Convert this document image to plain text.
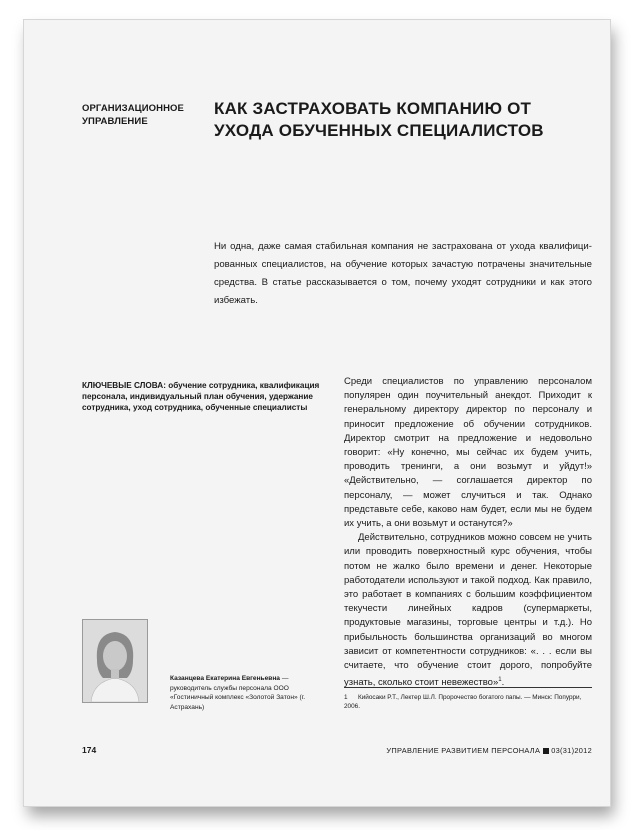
ОРГАНИЗАЦИОННОЕ
УПРАВЛЕНИЕ
КАК ЗАСТРАХОВАТЬ КОМПАНИЮ ОТ УХОДА ОБУЧЕННЫХ СПЕЦИАЛИСТОВ
Ни одна, даже самая стабильная компания не застрахована от ухода квалифицированных специалистов, на обучение которых зачастую потрачены значительные средства. В статье рассказывается о том, почему уходят сотрудники и как этого избежать.
КЛЮЧЕВЫЕ СЛОВА: обучение сотрудника, квалификация персонала, индивидуальный план обучения, удержание сотрудника, уход сотрудника, обученные специалисты

Среди специалистов по управлению персоналом популярен один поучительный анекдот. Приходит к генеральному директору директор по персоналу и приносит предложение об обучении сотрудников. Директор смотрит на предложение и недовольно говорит: «Ну конечно, мы сейчас их будем учить, проводить тренинги, а они возьмут и уйдут!» «Действительно, — соглашается директор по персоналу, — может случиться и так. Однако представьте себе, каково нам будет, если мы не будем их учить, а они возьмут и останутся?»

Действительно, сотрудников можно совсем не учить или проводить поверхностный курс обучения, чтобы потом не жалко было времени и денег. Некоторые работодатели используют и такой подход. Как правило, это работает в компаниях с большим коэффициентом текучести линейных кадров (супермаркеты, продуктовые магазины, торговые центры и т.д.). Но прибыльность большинства организаций во многом зависит от компетентности сотрудников: «. . . если вы считаете, что обучение стоит дорого, попробуйте узнать, сколько стоит невежество»$^1$.

Казанцева Екатерина Евгеньевна — руководитель службы персонала ООО «Гостиничный комплекс «Золотой Затон» (г. Астрахань)
1 Кийосаки Р.Т., Лектер Ш.Л. Пророчество богатого папы. — Минск: Попурри, 2006.
174	УПРАВЛЕНИЕ РАЗВИТИЕМ ПЕРСОНАЛА 03(31)2012
